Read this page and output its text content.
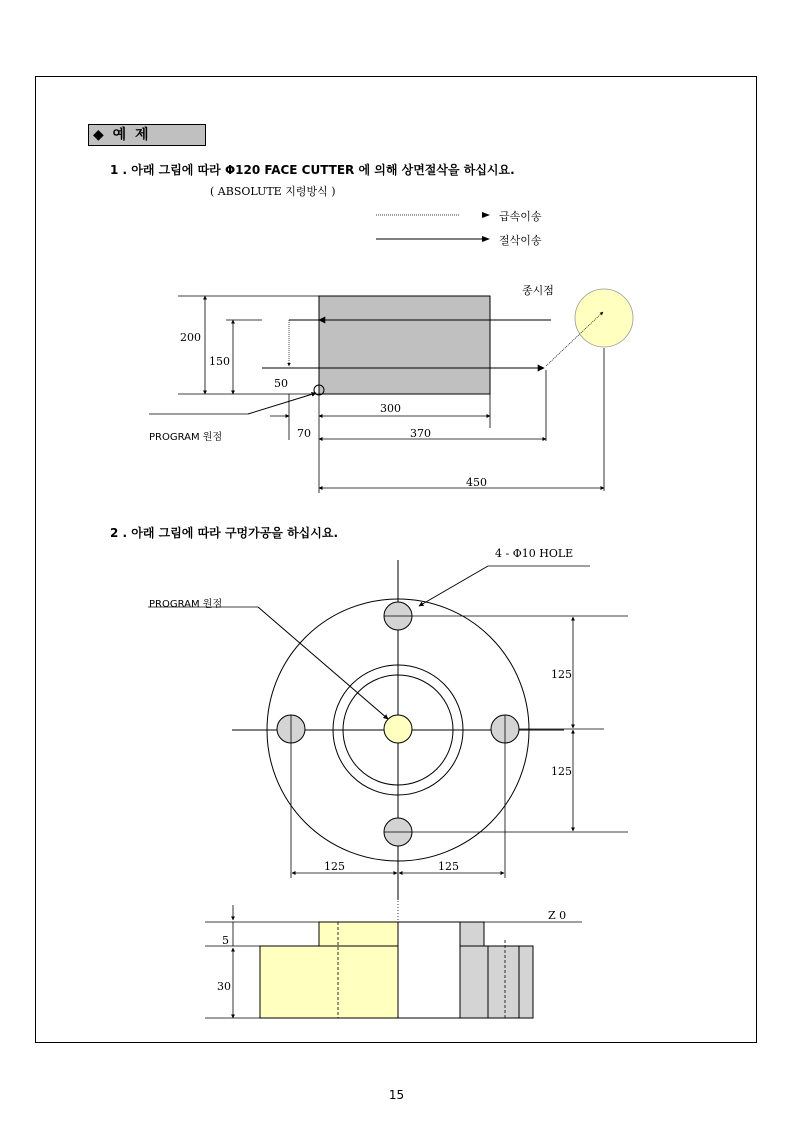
◆ 예 제
1 . 아래 그림에 따라 Φ120 FACE CUTTER 에 의해 상면절삭을 하십시요.
( ABSOLUTE 지령방식 )
급속이송
절삭이송
종시점
200
150
50
300
PROGRAM 원점	70	370
450
2 . 아래 그림에 따라 구멍가공을 하십시요.
4 - Φ10 HOLE
PROGRAM 원점
125
125
125	125
Z 0
5
30
15
